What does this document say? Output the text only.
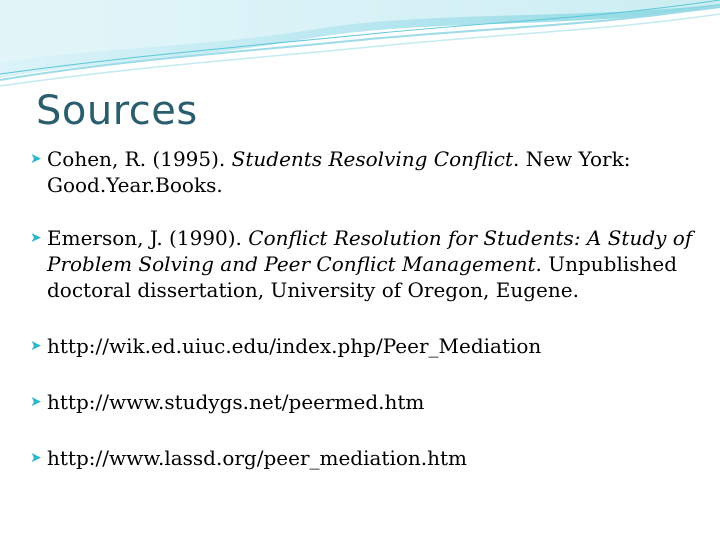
Sources
➤ Cohen, R. (1995). Students Resolving Conflict. New York: Good.Year.Books.
➤ Emerson, J. (1990). Conflict Resolution for Students: A Study of Problem Solving and Peer Conflict Management. Unpublished doctoral dissertation, University of Oregon, Eugene.
➤ http://wik.ed.uiuc.edu/index.php/Peer_Mediation
➤ http://www.studygs.net/peermed.htm
➤ http://www.lassd.org/peer_mediation.htm
